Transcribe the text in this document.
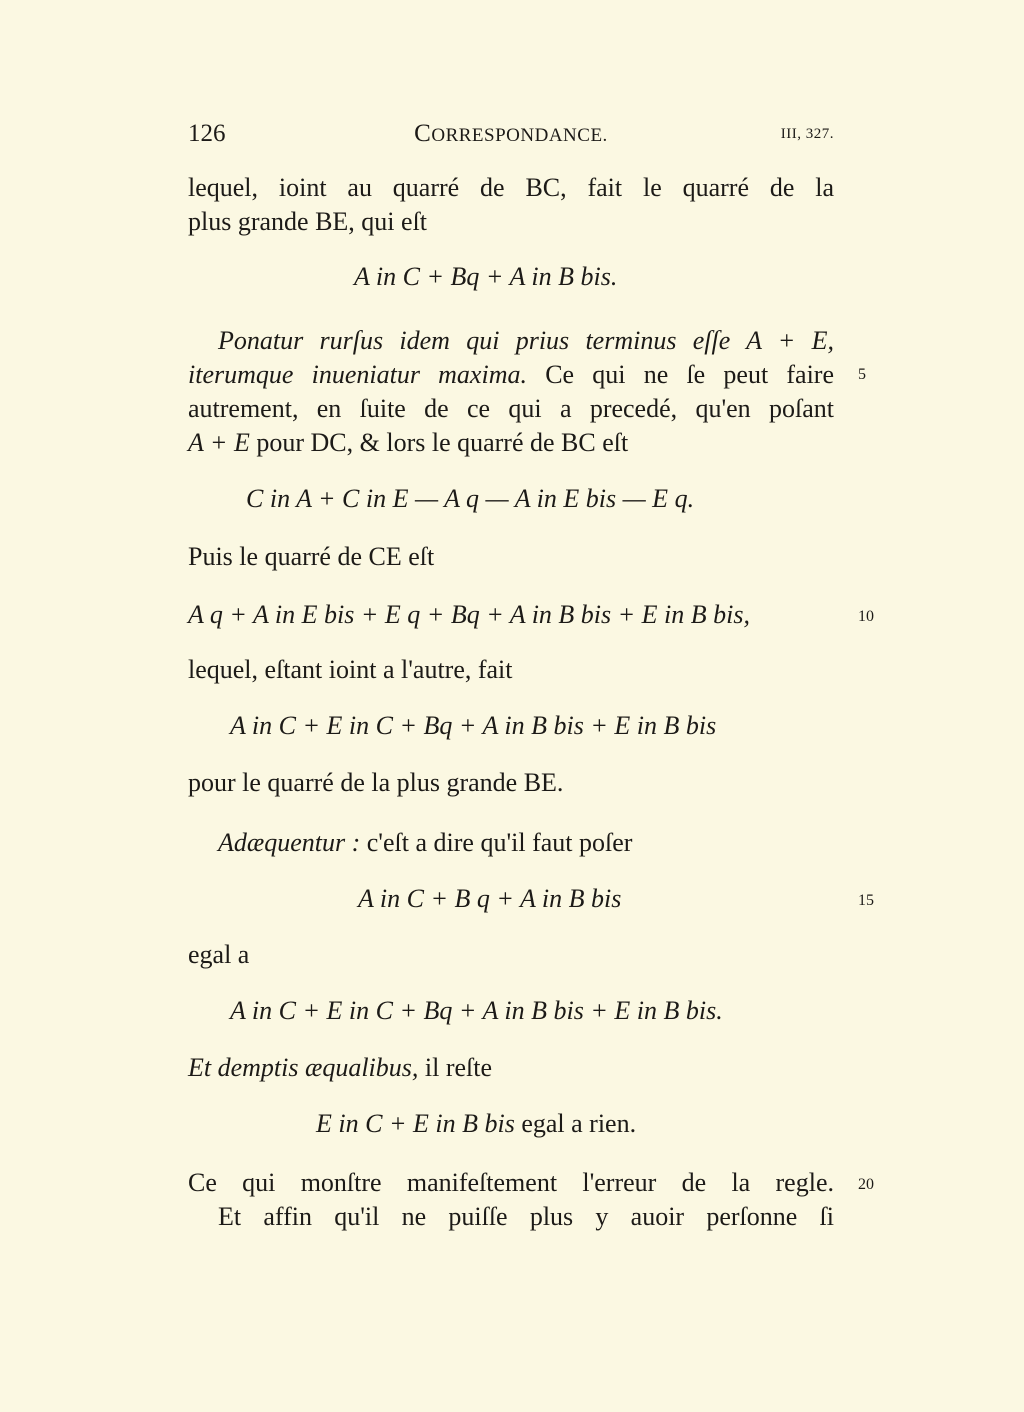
126	CORRESPONDANCE.	III, 327.
lequel, ioint au quarré de BC, fait le quarré de la
plus grande BE, qui eſt
A in C + Bq + A in B bis.
Ponatur rurſus idem qui prius terminus eſſe A + E,
iterumque inueniatur maxima. Ce qui ne ſe peut faire 5
autrement, en ſuite de ce qui a precedé, qu'en poſant
A + E pour DC, & lors le quarré de BC eſt
C in A + C in E — A q — A in E bis — E q.
Puis le quarré de CE eſt
A q + A in E bis + E q + Bq + A in B bis + E in B bis,	10
lequel, eſtant ioint a l'autre, fait
A in C + E in C + Bq + A in B bis + E in B bis
pour le quarré de la plus grande BE.
Adæquentur : c'eſt a dire qu'il faut poſer
A in C + B q + A in B bis	15
egal a
A in C + E in C + Bq + A in B bis + E in B bis.
Et demptis æqualibus, il reſte
E in C + E in B bis egal a rien.
Ce qui monſtre manifeſtement l'erreur de la regle. 20
Et affin qu'il ne puiſſe plus y auoir perſonne ſi
